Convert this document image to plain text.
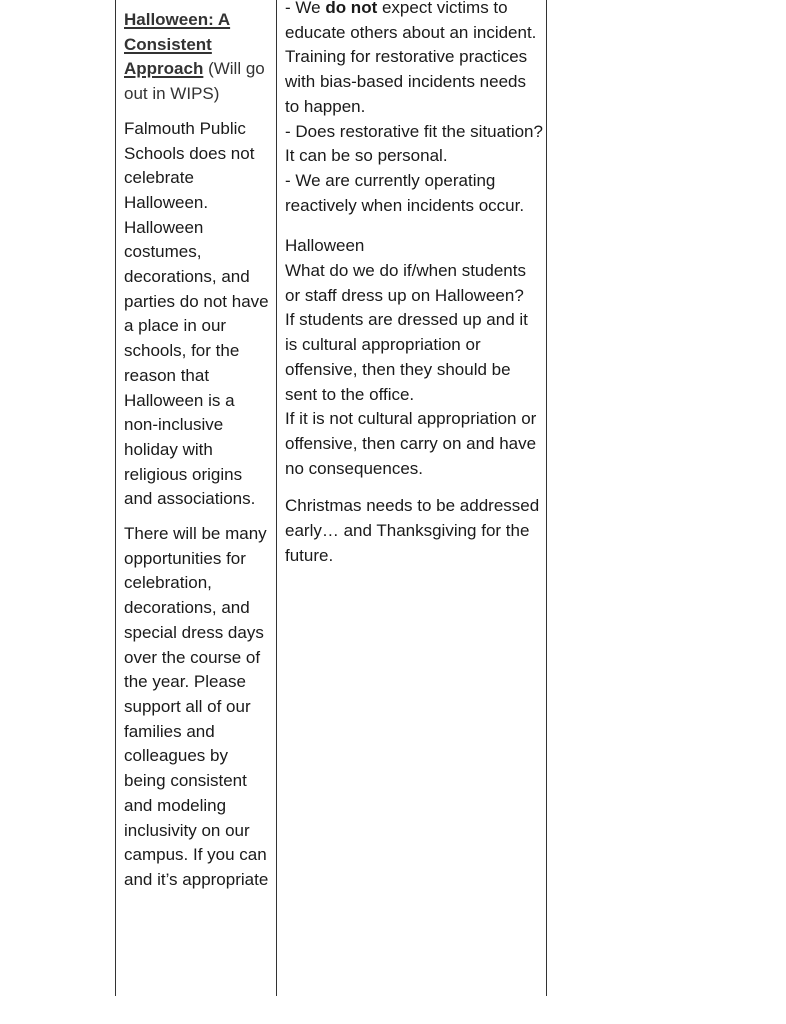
Halloween: A
Consistent
Approach (Will go out in WIPS)

Falmouth Public Schools does not celebrate Halloween. Halloween costumes, decorations, and parties do not have a place in our schools, for the reason that Halloween is a non-inclusive holiday with religious origins and associations.

There will be many opportunities for celebration, decorations, and special dress days over the course of the year. Please support all of our families and colleagues by being consistent and modeling inclusivity on our campus. If you can and it’s appropriate

- We do not expect victims to educate others about an incident. Training for restorative practices with bias-based incidents needs to happen.

- Does restorative fit the situation? It can be so personal.

- We are currently operating reactively when incidents occur.

Halloween

What do we do if/when students or staff dress up on Halloween?

If students are dressed up and it is cultural appropriation or offensive, then they should be sent to the office.

If it is not cultural appropriation or offensive, then carry on and have no consequences.

Christmas needs to be addressed early… and Thanksgiving for the future.
